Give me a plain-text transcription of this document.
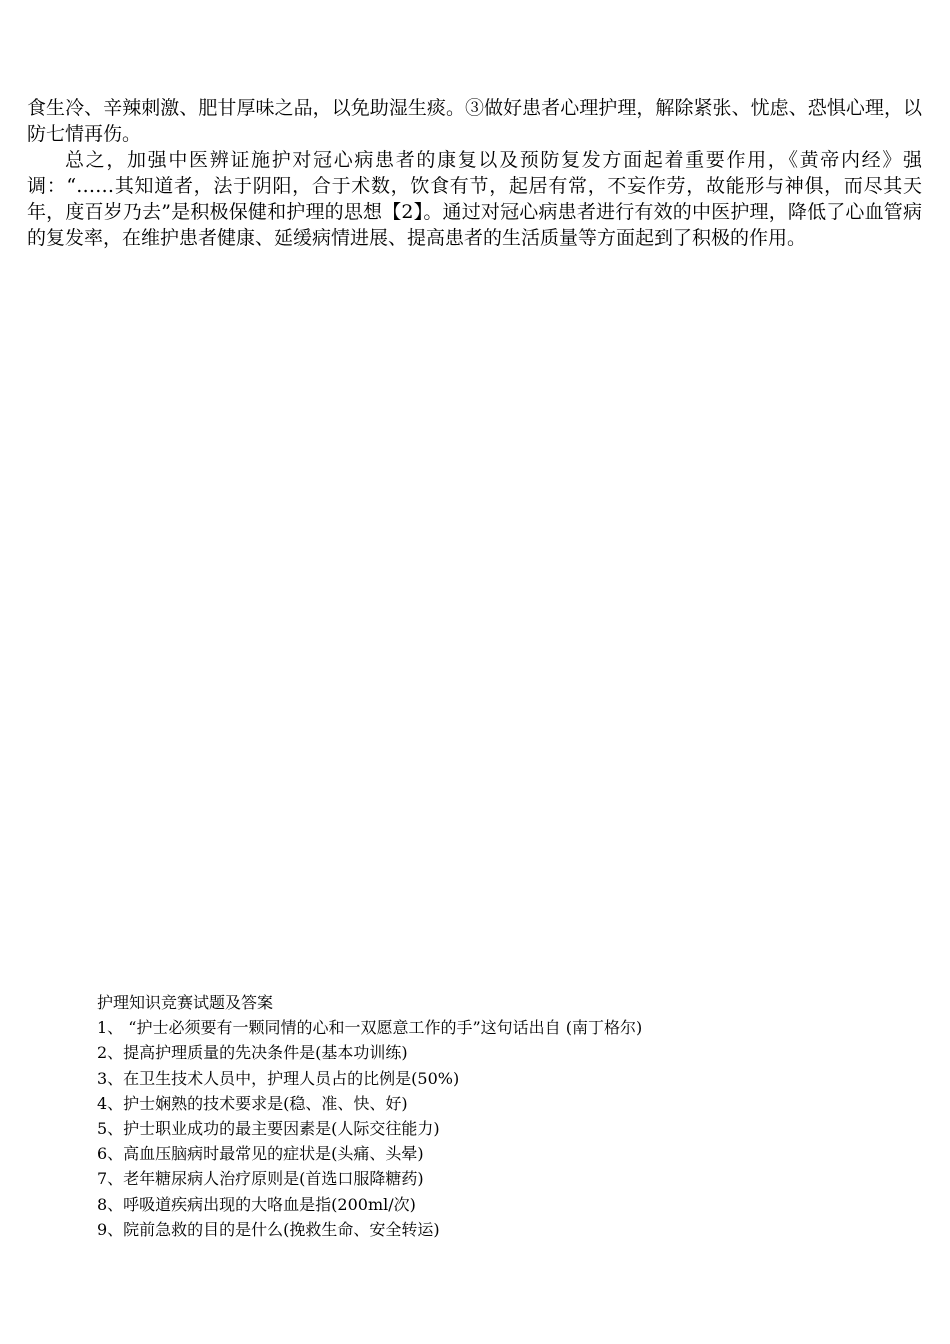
食生冷、辛辣刺激、肥甘厚味之品，以免助湿生痰。③做好患者心理护理，解除紧张、忧虑、恐惧心理，以防七情再伤。

总之，加强中医辨证施护对冠心病患者的康复以及预防复发方面起着重要作用，《黄帝内经》强调：“……其知道者，法于阴阳，合于术数，饮食有节，起居有常，不妄作劳，故能形与神俱，而尽其天年，度百岁乃去”是积极保健和护理的思想【2】。通过对冠心病患者进行有效的中医护理，降低了心血管病的复发率，在维护患者健康、延缓病情进展、提高患者的生活质量等方面起到了积极的作用。

护理知识竞赛试题及答案
1、 “护士必须要有一颗同情的心和一双愿意工作的手”这句话出自 (南丁格尔)
2、提高护理质量的先决条件是(基本功训练)
3、在卫生技术人员中，护理人员占的比例是(50%)
4、护士娴熟的技术要求是(稳、准、快、好)
5、护士职业成功的最主要因素是(人际交往能力)
6、高血压脑病时最常见的症状是(头痛、头晕)
7、老年糖尿病人治疗原则是(首选口服降糖药)
8、呼吸道疾病出现的大咯血是指(200ml/次)
9、院前急救的目的是什么(挽救生命、安全转运)
